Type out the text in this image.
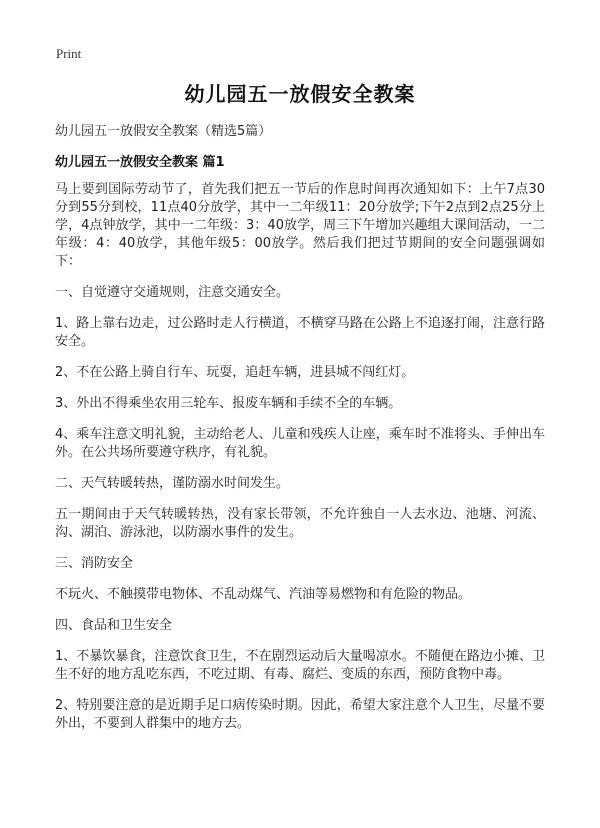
Print
幼儿园五一放假安全教案
幼儿园五一放假安全教案（精选5篇）
幼儿园五一放假安全教案 篇1

马上要到国际劳动节了，首先我们把五一节后的作息时间再次通知如下：上午7点30分到55分到校，11点40分放学，其中一二年级11：20分放学;下午2点到2点25分上学，4点钟放学，其中一二年级：3：40放学，周三下午增加兴趣组大课间活动，一二年级：4：40放学，其他年级5：00放学。然后我们把过节期间的安全问题强调如下：

一、自觉遵守交通规则，注意交通安全。

1、路上靠右边走，过公路时走人行横道，不横穿马路在公路上不追逐打闹，注意行路安全。

2、不在公路上骑自行车、玩耍，追赶车辆，进县城不闯红灯。

3、外出不得乘坐农用三轮车、报废车辆和手续不全的车辆。

4、乘车注意文明礼貌，主动给老人、儿童和残疾人让座，乘车时不准将头、手伸出车外。在公共场所要遵守秩序，有礼貌。

二、天气转暖转热，谨防溺水时间发生。

五一期间由于天气转暖转热，没有家长带领，不允许独自一人去水边、池塘、河流、沟、湖泊、游泳池，以防溺水事件的发生。

三、消防安全

不玩火、不触摸带电物体、不乱动煤气、汽油等易燃物和有危险的物品。

四、食品和卫生安全

1、不暴饮暴食，注意饮食卫生，不在剧烈运动后大量喝凉水。不随便在路边小摊、卫生不好的地方乱吃东西，不吃过期、有毒、腐烂、变质的东西，预防食物中毒。

2、特别要注意的是近期手足口病传染时期。因此，希望大家注意个人卫生，尽量不要外出，不要到人群集中的地方去。
